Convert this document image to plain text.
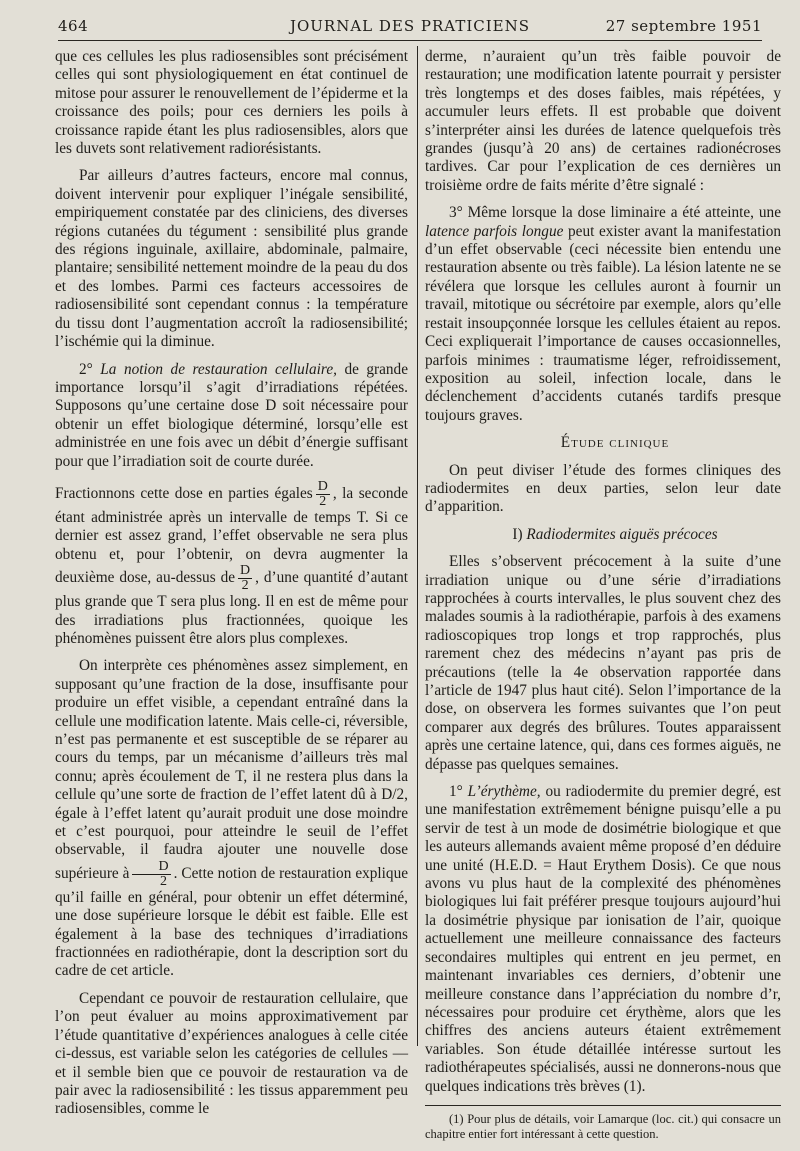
464	JOURNAL DES PRATICIENS	27 septembre 1951

que ces cellules les plus radiosensibles sont précisément celles qui sont physiologiquement en état continuel de mitose pour assurer le renouvellement de l’épiderme et la croissance des poils; pour ces derniers les poils à croissance rapide étant les plus radiosensibles, alors que les duvets sont relativement radiorésistants.

Par ailleurs d’autres facteurs, encore mal connus, doivent intervenir pour expliquer l’inégale sensibilité, empiriquement constatée par des cliniciens, des diverses régions cutanées du tégument : sensibilité plus grande des régions inguinale, axillaire, abdominale, palmaire, plantaire; sensibilité nettement moindre de la peau du dos et des lombes. Parmi ces facteurs accessoires de radiosensibilité sont cependant connus : la température du tissu dont l’augmentation accroît la radiosensibilité; l’ischémie qui la diminue.

2° La notion de restauration cellulaire, de grande importance lorsqu’il s’agit d’irradiations répétées. Supposons qu’une certaine dose D soit nécessaire pour obtenir un effet biologique déterminé, lorsqu’elle est administrée en une fois avec un débit d’énergie suffisant pour que l’irradiation soit de courte durée.

Fractionnons cette dose en parties égales $\frac{D}{2}$ , la seconde étant administrée après un intervalle de temps T. Si ce dernier est assez grand, l’effet observable ne sera plus obtenu et, pour l’obtenir, on devra augmenter la deuxième dose, au-dessus de $\frac{D}{2}$ , d’une quantité d’autant plus grande que T sera plus long. Il en est de même pour des irradiations plus fractionnées, quoique les phénomènes puissent être alors plus complexes.

On interprète ces phénomènes assez simplement, en supposant qu’une fraction de la dose, insuffisante pour produire un effet visible, a cependant entraîné dans la cellule une modification latente. Mais celle-ci, réversible, n’est pas permanente et est susceptible de se réparer au cours du temps, par un mécanisme d’ailleurs très mal connu; après écoulement de T, il ne restera plus dans la cellule qu’une sorte de fraction de l’effet latent dû à D/2, égale à l’effet latent qu’aurait produit une dose moindre et c’est pourquoi, pour atteindre le seuil de l’effet observable, il faudra ajouter une nouvelle dose supérieure à $\frac{D}{2}$ . Cette notion de restauration explique qu’il faille en général, pour obtenir un effet déterminé, une dose supérieure lorsque le débit est faible. Elle est également à la base des techniques d’irradiations fractionnées en radiothérapie, dont la description sort du cadre de cet article.

Cependant ce pouvoir de restauration cellulaire, que l’on peut évaluer au moins approximativement par l’étude quantitative d’expériences analogues à celle citée ci-dessus, est variable selon les catégories de cellules — et il semble bien que ce pouvoir de restauration va de pair avec la radiosensibilité : les tissus apparemment peu radiosensibles, comme le

derme, n’auraient qu’un très faible pouvoir de restauration; une modification latente pourrait y persister très longtemps et des doses faibles, mais répétées, y accumuler leurs effets. Il est probable que doivent s’interpréter ainsi les durées de latence quelquefois très grandes (jusqu’à 20 ans) de certaines radionécroses tardives. Car pour l’explication de ces dernières un troisième ordre de faits mérite d’être signalé :

3° Même lorsque la dose liminaire a été atteinte, une latence parfois longue peut exister avant la manifestation d’un effet observable (ceci nécessite bien entendu une restauration absente ou très faible). La lésion latente ne se révélera que lorsque les cellules auront à fournir un travail, mitotique ou sécrétoire par exemple, alors qu’elle restait insoupçonnée lorsque les cellules étaient au repos. Ceci expliquerait l’importance de causes occasionnelles, parfois minimes : traumatisme léger, refroidissement, exposition au soleil, infection locale, dans le déclenchement d’accidents cutanés tardifs presque toujours graves.

Étude clinique

On peut diviser l’étude des formes cliniques des radiodermites en deux parties, selon leur date d’apparition.

I) Radiodermites aiguës précoces

Elles s’observent précocement à la suite d’une irradiation unique ou d’une série d’irradiations rapprochées à courts intervalles, le plus souvent chez des malades soumis à la radiothérapie, parfois à des examens radioscopiques trop longs et trop rapprochés, plus rarement chez des médecins n’ayant pas pris de précautions (telle la 4e observation rapportée dans l’article de 1947 plus haut cité). Selon l’importance de la dose, on observera les formes suivantes que l’on peut comparer aux degrés des brûlures. Toutes apparaissent après une certaine latence, qui, dans ces formes aiguës, ne dépasse pas quelques semaines.

1° L’érythème, ou radiodermite du premier degré, est une manifestation extrêmement bénigne puisqu’elle a pu servir de test à un mode de dosimétrie biologique et que les auteurs allemands avaient même proposé d’en déduire une unité (H.E.D. = Haut Erythem Dosis). Ce que nous avons vu plus haut de la complexité des phénomènes biologiques lui fait préférer presque toujours aujourd’hui la dosimétrie physique par ionisation de l’air, quoique actuellement une meilleure connaissance des facteurs secondaires multiples qui entrent en jeu permet, en maintenant invariables ces derniers, d’obtenir une meilleure constance dans l’appréciation du nombre d’r, nécessaires pour produire cet érythème, alors que les chiffres des anciens auteurs étaient extrêmement variables. Son étude détaillée intéresse surtout les radiothérapeutes spécialisés, aussi ne donnerons-nous que quelques indications très brèves (1).

(1) Pour plus de détails, voir Lamarque (loc. cit.) qui consacre un chapitre entier fort intéressant à cette question.
